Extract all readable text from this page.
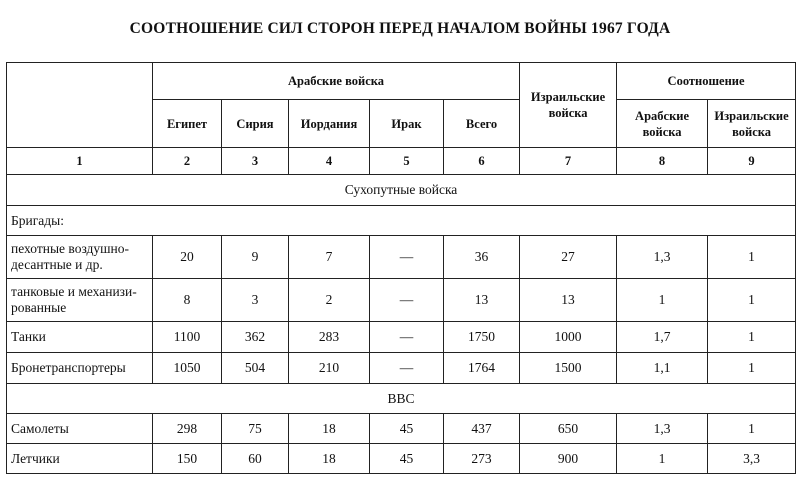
СООТНОШЕНИЕ СИЛ СТОРОН ПЕРЕД НАЧАЛОМ ВОЙНЫ 1967 ГОДА
	Арабские войска					Израильские войска	Соотношение	
	Египет	Сирия	Иордания	Ирак	Всего		Арабские войска	Израильские войска
1	2	3	4	5	6	7	8	9
Сухопутные войска								
Бригады:								
пехотные воздушно-десантные и др.	20	9	7	—	36	27	1,3	1
танковые и механизи-рованные	8	3	2	—	13	13	1	1
Танки	1100	362	283	—	1750	1000	1,7	1
Бронетранспортеры	1050	504	210	—	1764	1500	1,1	1
ВВС								
Самолеты	298	75	18	45	437	650	1,3	1
Летчики	150	60	18	45	273	900	1	3,3
